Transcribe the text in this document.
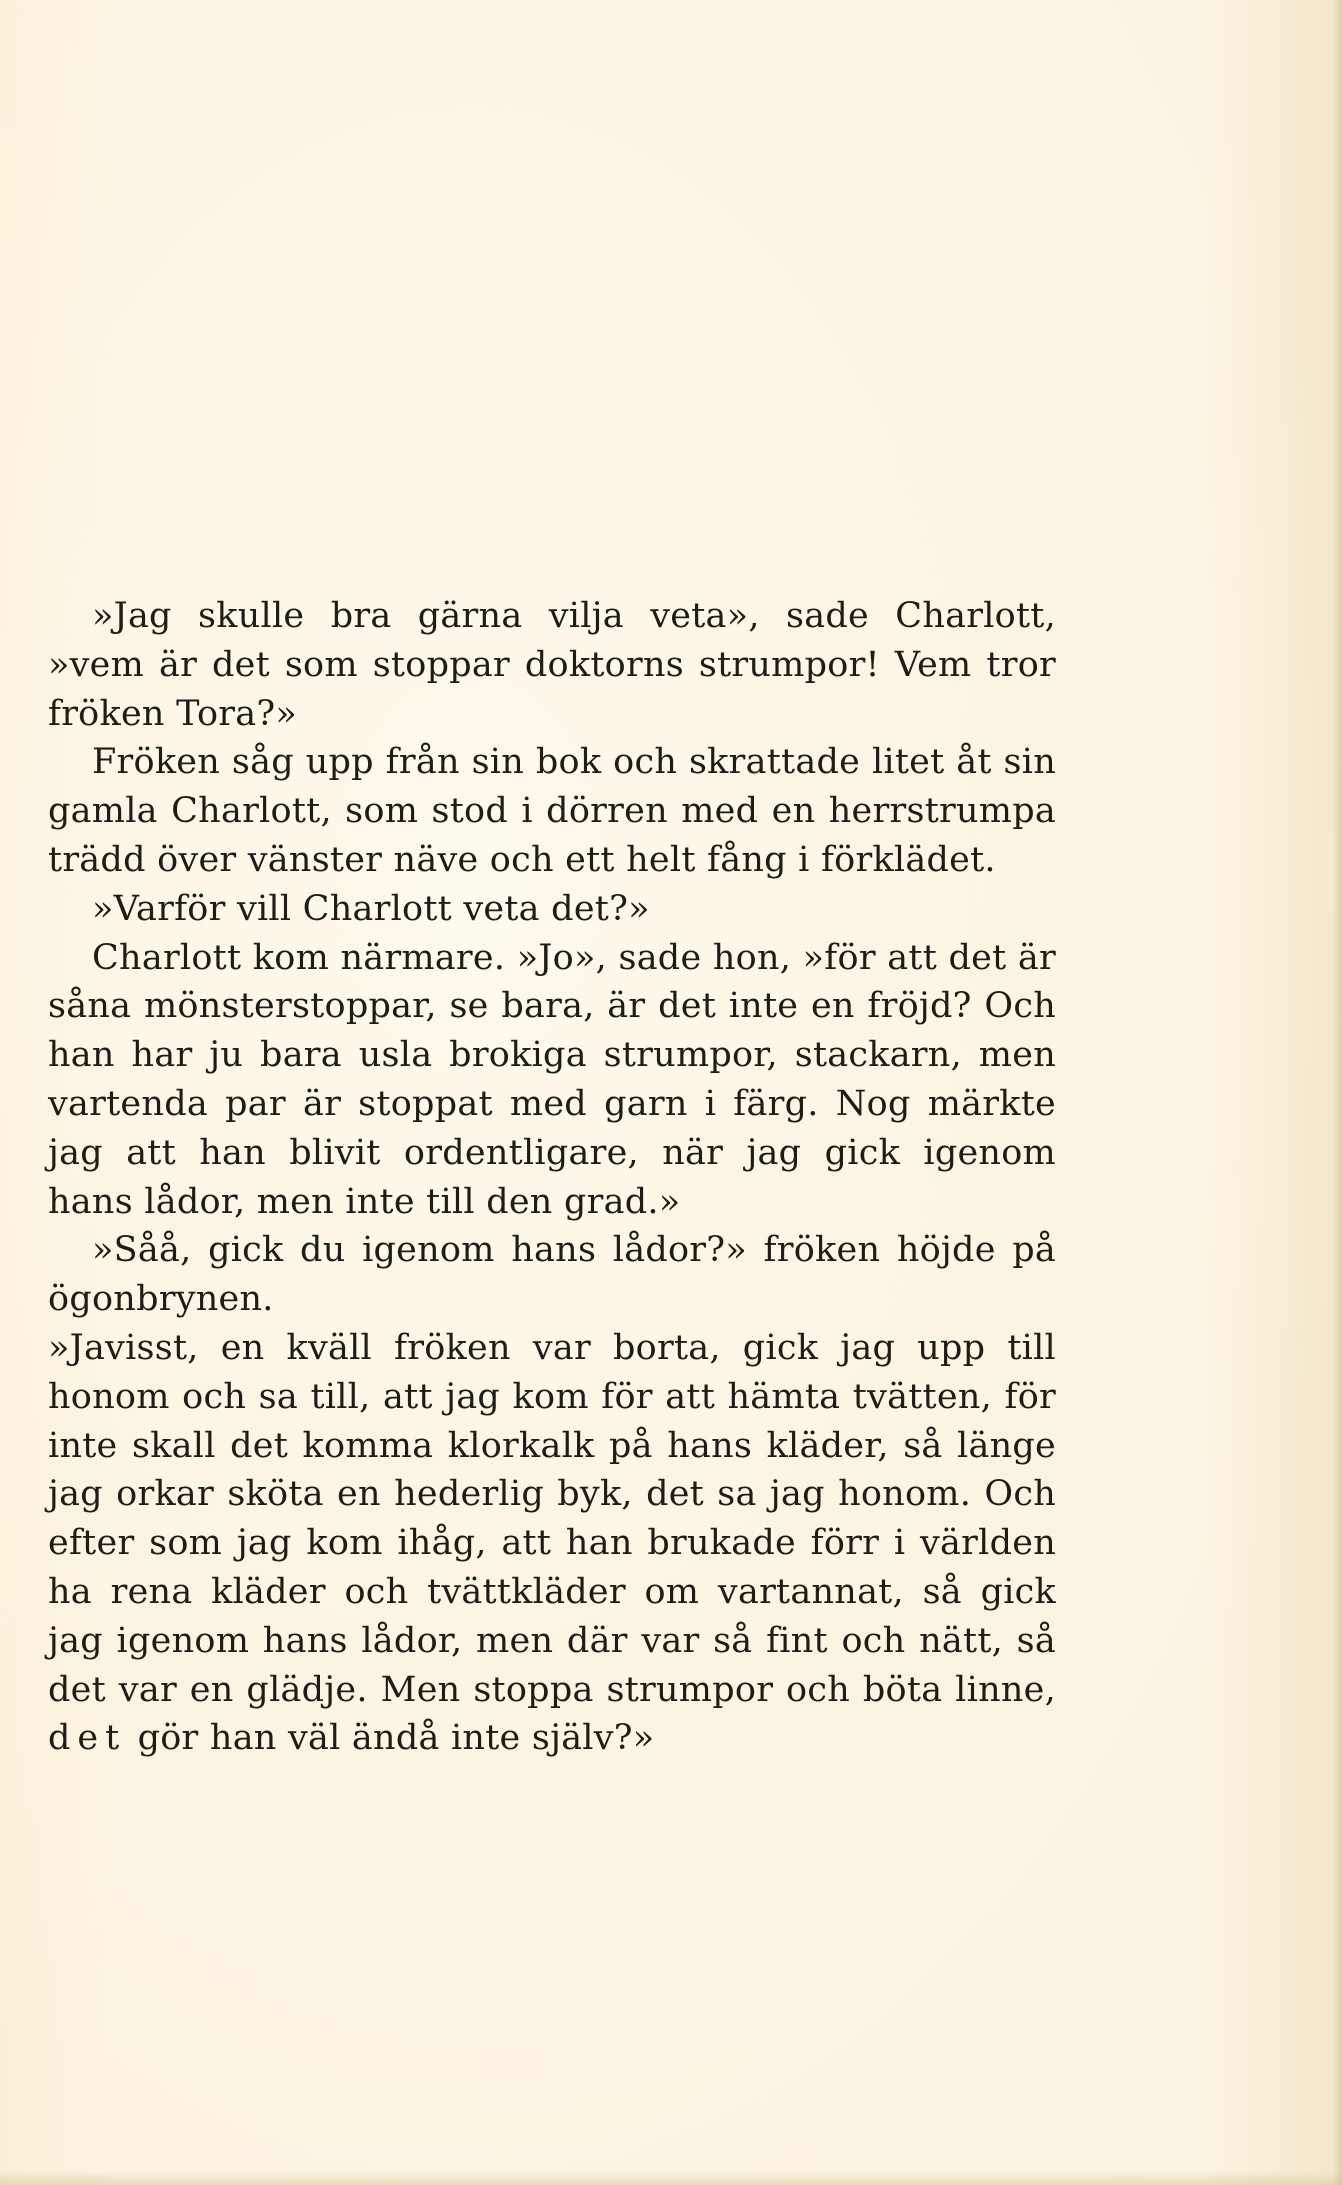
»Jag skulle bra gärna vilja veta», sade Charlott, »vem är det som stoppar doktorns strumpor! Vem tror fröken Tora?»

Fröken såg upp från sin bok och skrattade litet åt sin gamla Charlott, som stod i dörren med en herrstrumpa trädd över vänster näve och ett helt fång i förklädet.

»Varför vill Charlott veta det?»

Charlott kom närmare. »Jo», sade hon, »för att det är såna mönsterstoppar, se bara, är det inte en fröjd? Och han har ju bara usla brokiga strumpor, stackarn, men vartenda par är stoppat med garn i färg. Nog märkte jag att han blivit ordentligare, när jag gick igenom hans lådor, men inte till den grad.»

»Såå, gick du igenom hans lådor?» fröken höjde på ögonbrynen.

»Javisst, en kväll fröken var borta, gick jag upp till honom och sa till, att jag kom för att hämta tvätten, för inte skall det komma klorkalk på hans kläder, så länge jag orkar sköta en hederlig byk, det sa jag honom. Och efter som jag kom ihåg, att han brukade förr i världen ha rena kläder och tvättkläder om vartannat, så gick jag igenom hans lådor, men där var så fint och nätt, så det var en glädje. Men stoppa strumpor och böta linne, det gör han väl ändå inte själv?»
